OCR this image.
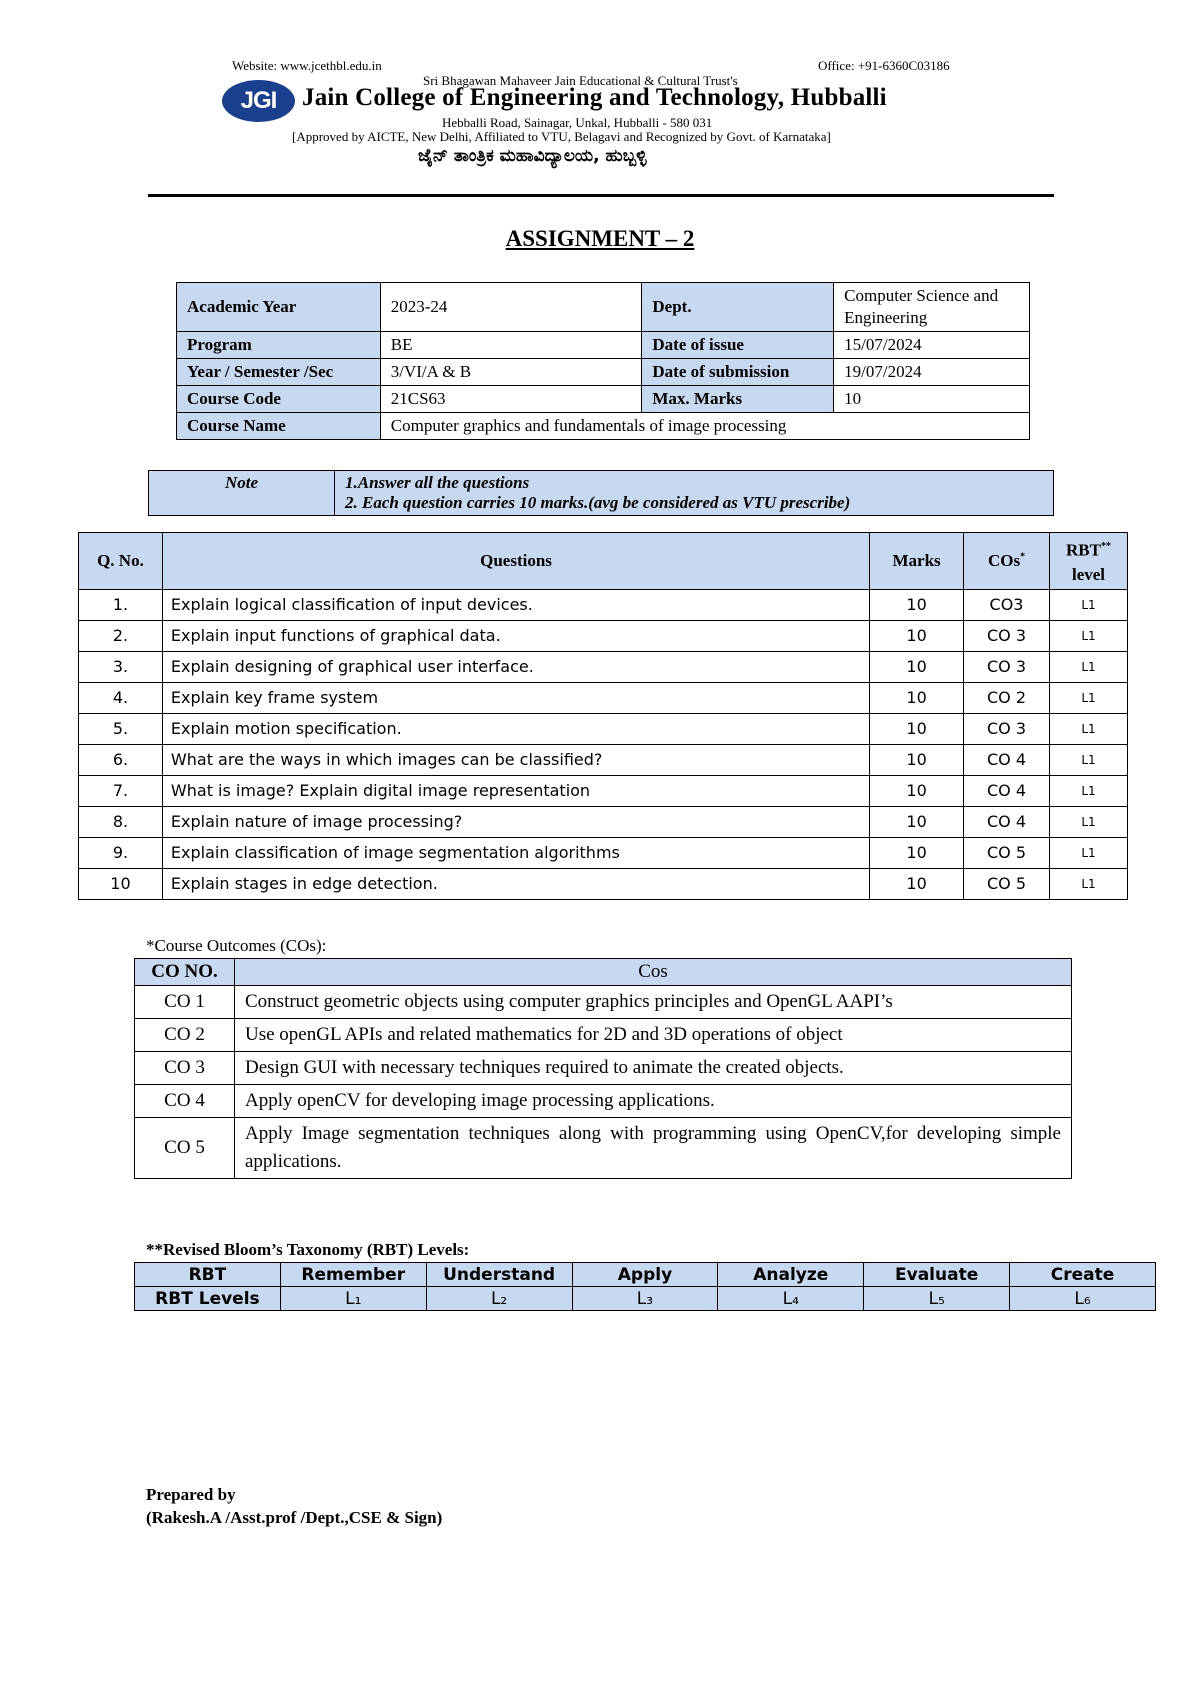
Website: www.jcethbl.edu.in	Office: +91-6360C03186
Sri Bhagawan Mahaveer Jain Educational & Cultural Trust's
JGI Jain College of Engineering and Technology, Hubballi
Hebballi Road, Sainagar, Unkal, Hubballi - 580 031
[Approved by AICTE, New Delhi, Affiliated to VTU, Belagavi and Recognized by Govt. of Karnataka]
ಜೈನ್ ತಾಂತ್ರಿಕ ಮಹಾವಿದ್ಯಾಲಯ, ಹುಬ್ಬಳ್ಳಿ
ASSIGNMENT – 2
Academic Year	2023-24	Dept.	Computer Science and Engineering
Program	BE	Date of issue	15/07/2024
Year / Semester /Sec	3/VI/A & B	Date of submission	19/07/2024
Course Code	21CS63	Max. Marks	10
Course Name	Computer graphics and fundamentals of image processing		
Note	1.Answer all the questions
2. Each question carries 10 marks.(avg be considered as VTU prescribe)
Q. No.	Questions	Marks	COs*	RBT**
level
1.	Explain logical classification of input devices.	10	CO3	L1
2.	Explain input functions of graphical data.	10	CO 3	L1
3.	Explain designing of graphical user interface.	10	CO 3	L1
4.	Explain key frame system	10	CO 2	L1
5.	Explain motion specification.	10	CO 3	L1
6.	What are the ways in which images can be classified?	10	CO 4	L1
7.	What is image? Explain digital image representation	10	CO 4	L1
8.	Explain nature of image processing?	10	CO 4	L1
9.	Explain classification of image segmentation algorithms	10	CO 5	L1
10	Explain stages in edge detection.	10	CO 5	L1
*Course Outcomes (COs):
CO NO.	Cos
CO 1	Construct geometric objects using computer graphics principles and OpenGL AAPI’s
CO 2	Use openGL APIs and related mathematics for 2D and 3D operations of object
CO 3	Design GUI with necessary techniques required to animate the created objects.
CO 4	Apply openCV for developing image processing applications.
CO 5	Apply Image segmentation techniques along with programming using OpenCV,for developing simple applications.
**Revised Bloom’s Taxonomy (RBT) Levels:
RBT	Remember	Understand	Apply	Analyze	Evaluate	Create
RBT Levels	L₁	L₂	L₃	L₄	L₅	L₆
Prepared by
(Rakesh.A /Asst.prof /Dept.,CSE & Sign)
